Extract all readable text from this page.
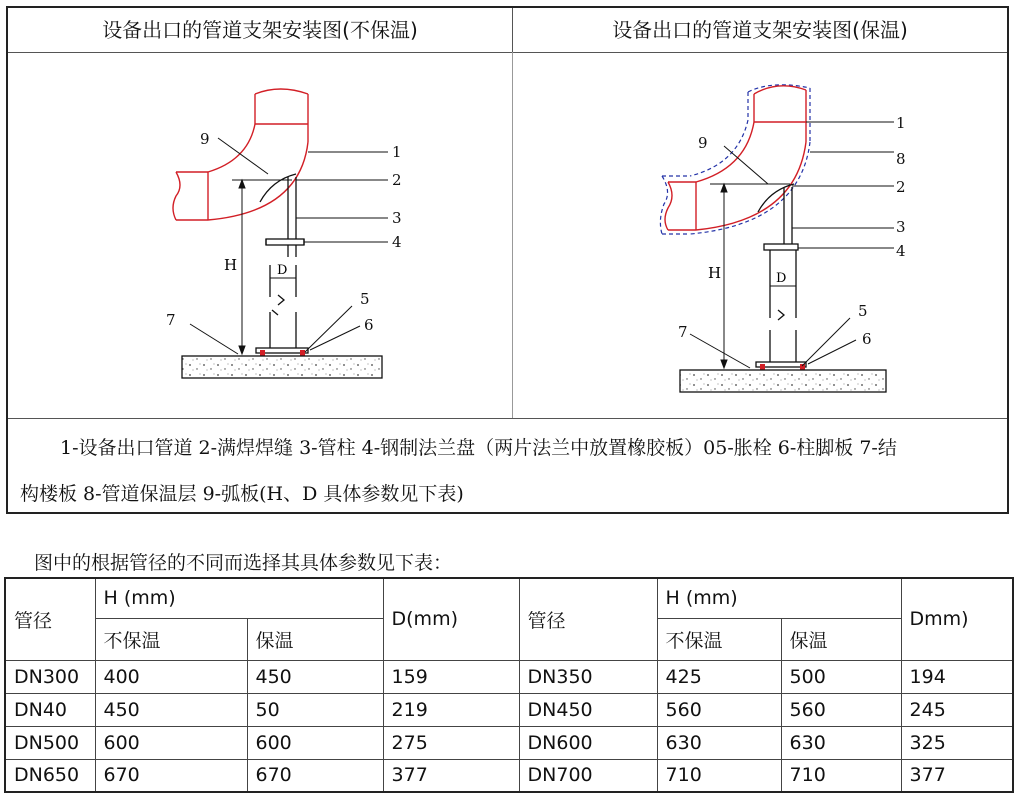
设备出口的管道支架安装图(不保温)	设备出口的管道支架安装图(保温)
1-设备出口管道 2-满焊焊缝 3-管柱 4-钢制法兰盘（两片法兰中放置橡胶板）05-胀栓 6-柱脚板 7-结
构楼板 8-管道保温层 9-弧板(H、D 具体参数见下表)
H	D
1
2
3
4
5
6
7
9
H	D
1
2
3
4
5
6
7
8
9
图中的根据管径的不同而选择其具体参数见下表：
管径	H (mm)		D(mm)	管径	H (mm)		Dmm)
	不保温	保温			不保温	保温	
DN300	400	450	159	DN350	425	500	194
DN40	450	50	219	DN450	560	560	245
DN500	600	600	275	DN600	630	630	325
DN650	670	670	377	DN700	710	710	377
